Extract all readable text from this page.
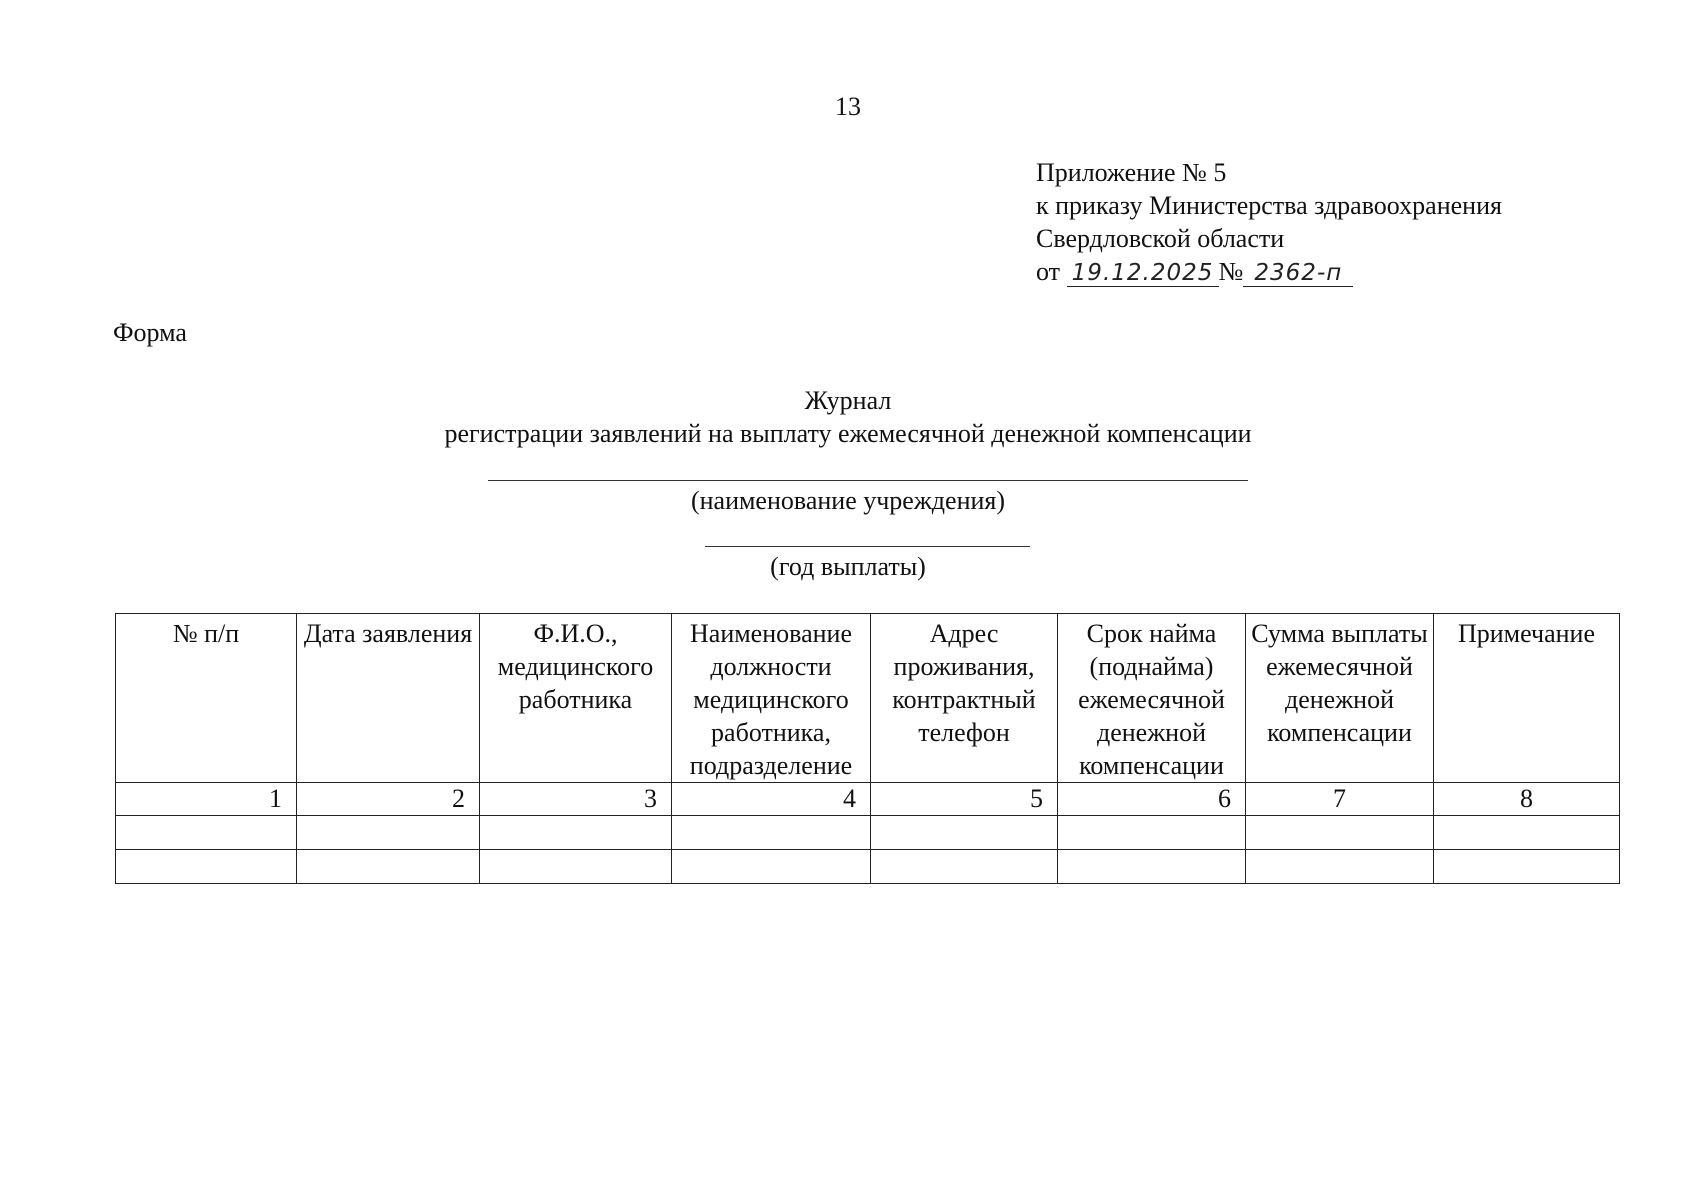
13
Приложение № 5
к приказу Министерства здравоохранения
Свердловской области
от 19.12.2025 № 2362-п
Форма
Журнал
регистрации заявлений на выплату ежемесячной денежной компенсации
(наименование учреждения)
(год выплаты)
№ п/п	Дата заявления	Ф.И.О., медицинского работника	Наименование должности медицинского работника, подразделение	Адрес проживания, контрактный телефон	Срок найма (поднайма) ежемесячной денежной компенсации	Сумма выплаты ежемесячной денежной компенсации	Примечание
1	2	3	4	5	6	7	8
